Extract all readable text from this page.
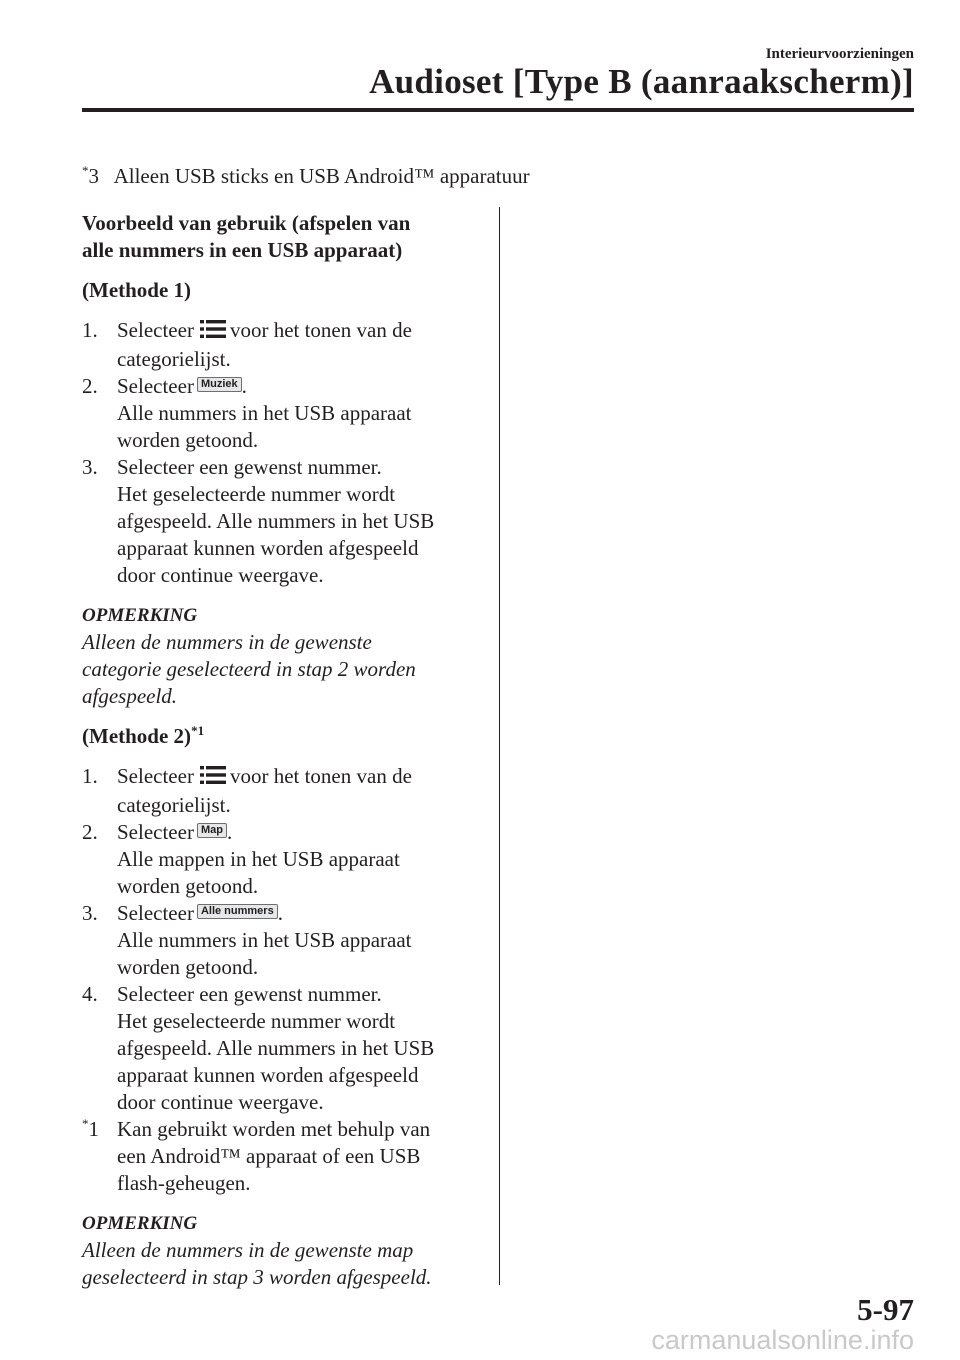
Interieurvoorzieningen
Audioset [Type B (aanraakscherm)]
*3 Alleen USB sticks en USB Android™ apparatuur
Voorbeeld van gebruik (afspelen van
alle nummers in een USB apparaat)
(Methode 1)
1. Selecteer voor het tonen van de
categorielijst.
2. Selecteer Muziek .
Alle nummers in het USB apparaat
worden getoond.
3. Selecteer een gewenst nummer.
Het geselecteerde nummer wordt
afgespeeld. Alle nummers in het USB
apparaat kunnen worden afgespeeld
door continue weergave.
OPMERKING
Alleen de nummers in de gewenste
categorie geselecteerd in stap 2 worden
afgespeeld.
(Methode 2)$^{*1}$
1. Selecteer voor het tonen van de
categorielijst.
2. Selecteer Map .
Alle mappen in het USB apparaat
worden getoond.
3. Selecteer Alle nummers .
Alle nummers in het USB apparaat
worden getoond.
4. Selecteer een gewenst nummer.
Het geselecteerde nummer wordt
afgespeeld. Alle nummers in het USB
apparaat kunnen worden afgespeeld
door continue weergave.
*1 Kan gebruikt worden met behulp van
een Android™ apparaat of een USB
flash-geheugen.
OPMERKING
Alleen de nummers in de gewenste map
geselecteerd in stap 3 worden afgespeeld.
5-97
carmanualsonline.info
